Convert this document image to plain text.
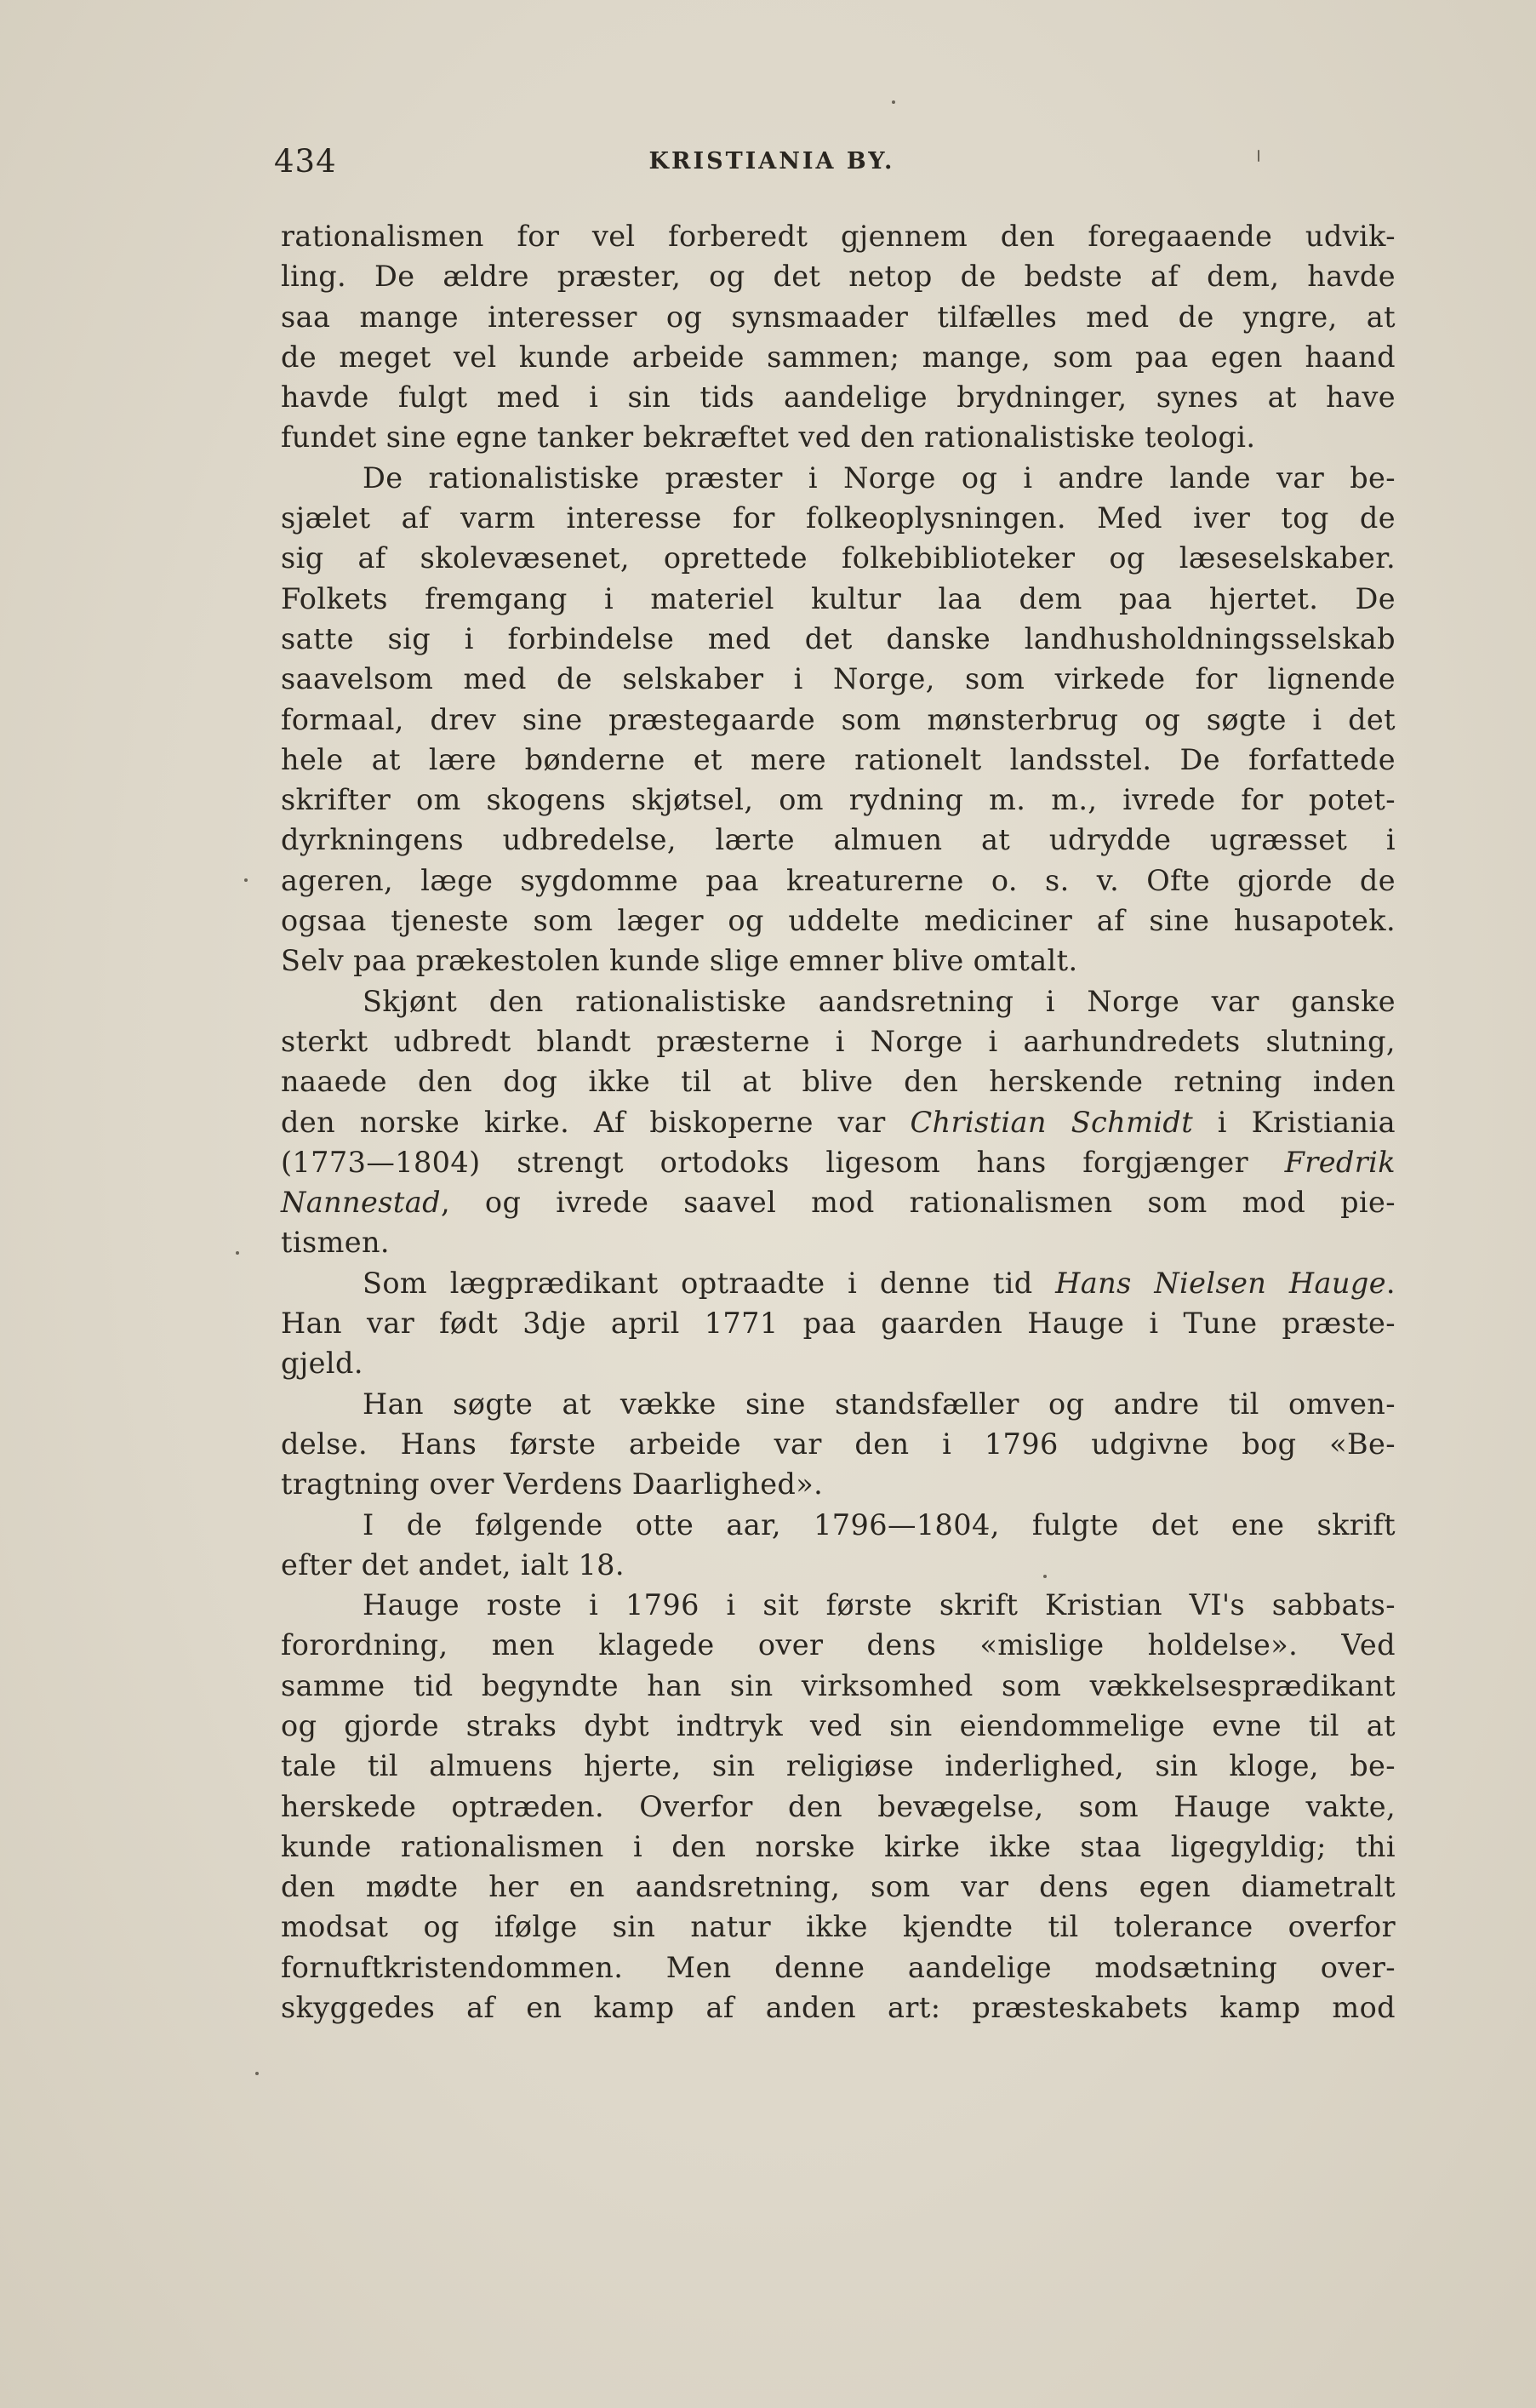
434	KRISTIANIA BY.
rationalismen for vel forberedt gjennem den foregaaende udvik-
ling. De ældre præster, og det netop de bedste af dem, havde
saa mange interesser og synsmaader tilfælles med de yngre, at
de meget vel kunde arbeide sammen; mange, som paa egen haand
havde fulgt med i sin tids aandelige brydninger, synes at have
fundet sine egne tanker bekræftet ved den rationalistiske teologi.
De rationalistiske præster i Norge og i andre lande var be-
sjælet af varm interesse for folkeoplysningen. Med iver tog de
sig af skolevæsenet, oprettede folkebiblioteker og læseselskaber.
Folkets fremgang i materiel kultur laa dem paa hjertet. De
satte sig i forbindelse med det danske landhusholdningsselskab
saavelsom med de selskaber i Norge, som virkede for lignende
formaal, drev sine præstegaarde som mønsterbrug og søgte i det
hele at lære bønderne et mere rationelt landsstel. De forfattede
skrifter om skogens skjøtsel, om rydning m. m., ivrede for potet-
dyrkningens udbredelse, lærte almuen at udrydde ugræsset i
ageren, læge sygdomme paa kreaturerne o. s. v. Ofte gjorde de
ogsaa tjeneste som læger og uddelte mediciner af sine husapotek.
Selv paa prækestolen kunde slige emner blive omtalt.
Skjønt den rationalistiske aandsretning i Norge var ganske
sterkt udbredt blandt præsterne i Norge i aarhundredets slutning,
naaede den dog ikke til at blive den herskende retning inden
den norske kirke. Af biskoperne var Christian Schmidt i Kristiania
(1773—1804) strengt ortodoks ligesom hans forgjænger Fredrik
Nannestad, og ivrede saavel mod rationalismen som mod pie-
tismen.
Som lægprædikant optraadte i denne tid Hans Nielsen Hauge.
Han var født 3dje april 1771 paa gaarden Hauge i Tune præste-
gjeld.
Han søgte at vække sine standsfæller og andre til omven-
delse. Hans første arbeide var den i 1796 udgivne bog «Be-
tragtning over Verdens Daarlighed».
I de følgende otte aar, 1796—1804, fulgte det ene skrift
efter det andet, ialt 18.
Hauge roste i 1796 i sit første skrift Kristian VI's sabbats-
forordning, men klagede over dens «mislige holdelse». Ved
samme tid begyndte han sin virksomhed som vækkelsesprædikant
og gjorde straks dybt indtryk ved sin eiendommelige evne til at
tale til almuens hjerte, sin religiøse inderlighed, sin kloge, be-
herskede optræden. Overfor den bevægelse, som Hauge vakte,
kunde rationalismen i den norske kirke ikke staa ligegyldig; thi
den mødte her en aandsretning, som var dens egen diametralt
modsat og ifølge sin natur ikke kjendte til tolerance overfor
fornuftkristendommen. Men denne aandelige modsætning over-
skyggedes af en kamp af anden art: præsteskabets kamp mod
